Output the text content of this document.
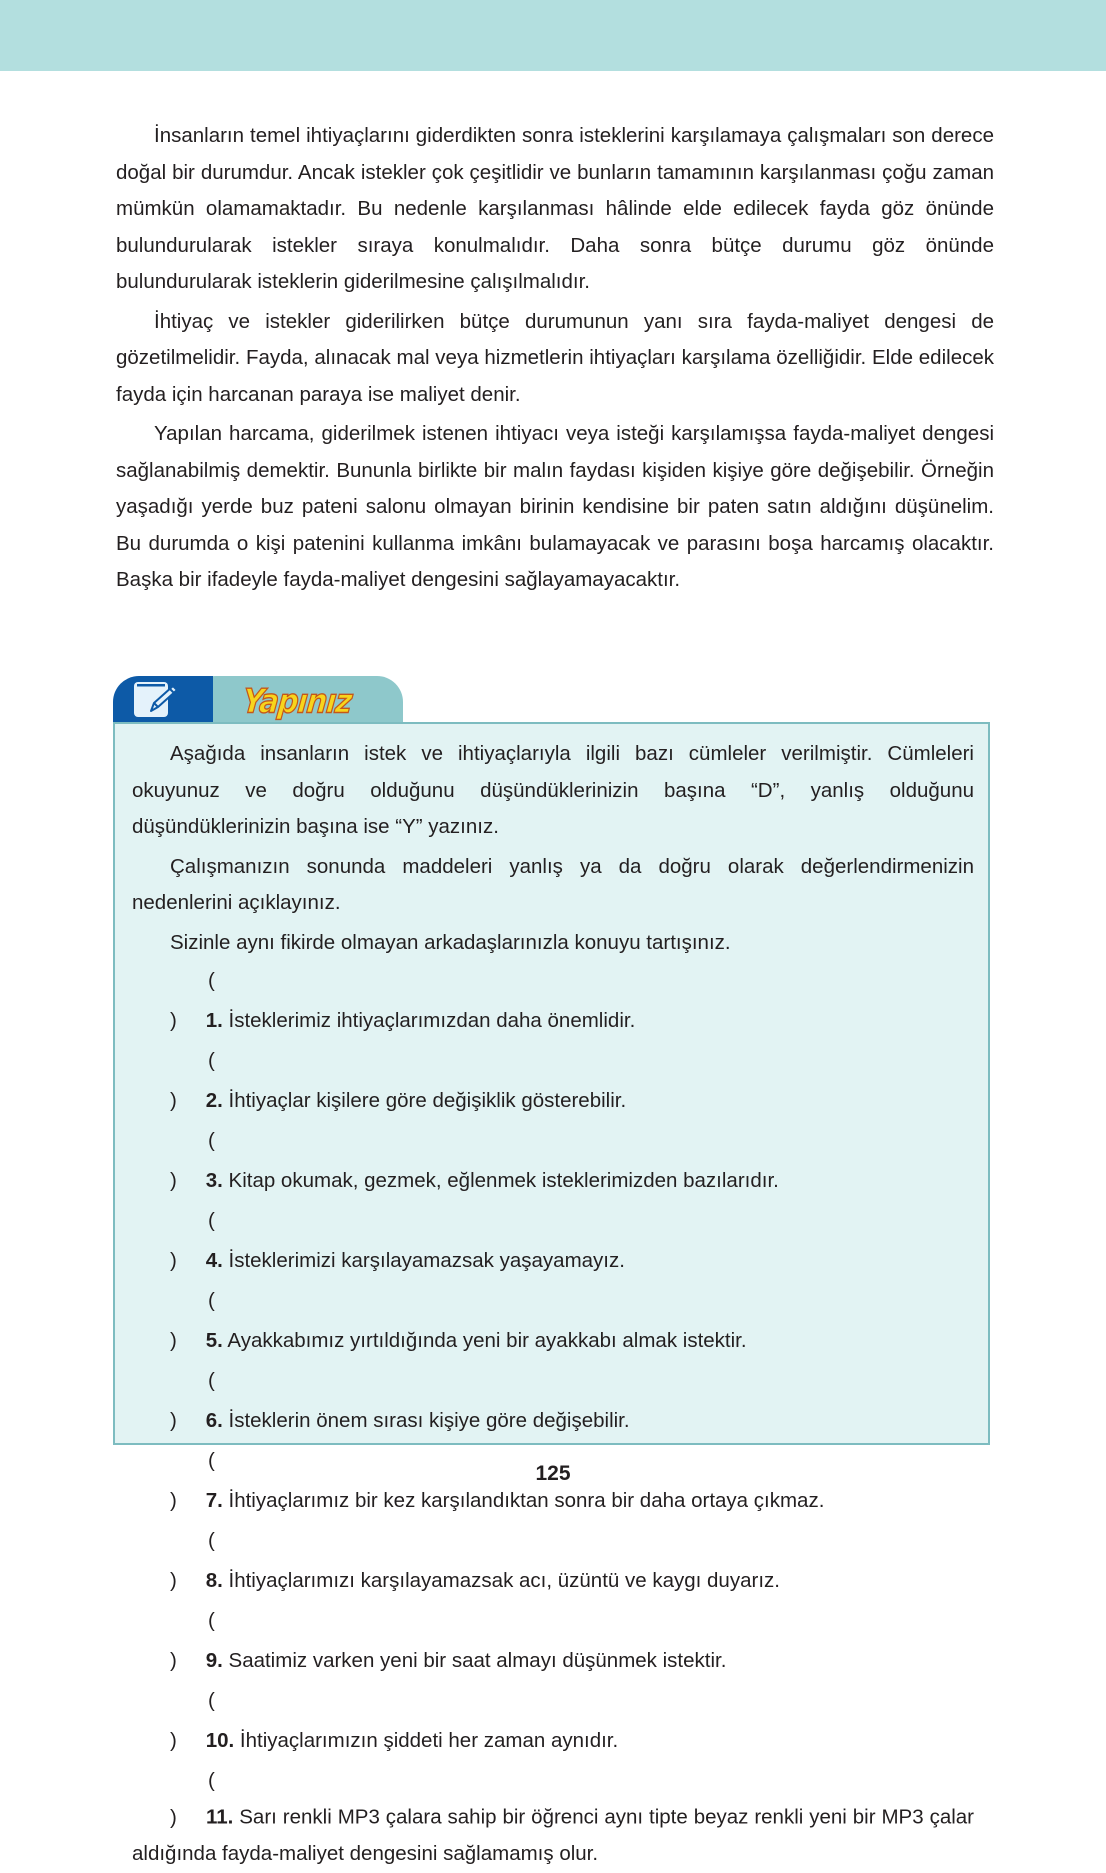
İnsanların temel ihtiyaçlarını giderdikten sonra isteklerini karşılamaya çalışmaları son derece doğal bir durumdur. Ancak istekler çok çeşitlidir ve bunların tamamının karşılanması çoğu zaman mümkün olamamaktadır. Bu nedenle karşılanması hâlinde elde edilecek fayda göz önünde bulundurularak istekler sıraya konulmalıdır. Daha sonra bütçe durumu göz önünde bulundurularak isteklerin giderilmesine çalışılmalıdır.

İhtiyaç ve istekler giderilirken bütçe durumunun yanı sıra fayda-maliyet dengesi de gözetilmelidir. Fayda, alınacak mal veya hizmetlerin ihtiyaçları karşılama özelliğidir. Elde edilecek fayda için harcanan paraya ise maliyet denir.

Yapılan harcama, giderilmek istenen ihtiyacı veya isteği karşılamışsa fayda-maliyet dengesi sağlanabilmiş demektir. Bununla birlikte bir malın faydası kişiden kişiye göre değişebilir. Örneğin yaşadığı yerde buz pateni salonu olmayan birinin kendisine bir paten satın aldığını düşünelim. Bu durumda o kişi patenini kullanma imkânı bulamayacak ve parasını boşa harcamış olacaktır. Başka bir ifadeyle fayda-maliyet dengesini sağlayamayacaktır.

Yapınız

Aşağıda insanların istek ve ihtiyaçlarıyla ilgili bazı cümleler verilmiştir. Cümleleri okuyunuz ve doğru olduğunu düşündüklerinizin başına “D”, yanlış olduğunu düşündüklerinizin başına ise “Y” yazınız.

Çalışmanızın sonunda maddeleri yanlış ya da doğru olarak değerlendirmenizin nedenlerini açıklayınız.

Sizinle aynı fikirde olmayan arkadaşlarınızla konuyu tartışınız.

( ) 1. İsteklerimiz ihtiyaçlarımızdan daha önemlidir.
( ) 2. İhtiyaçlar kişilere göre değişiklik gösterebilir.
( ) 3. Kitap okumak, gezmek, eğlenmek isteklerimizden bazılarıdır.
( ) 4. İsteklerimizi karşılayamazsak yaşayamayız.
( ) 5. Ayakkabımız yırtıldığında yeni bir ayakkabı almak istektir.
( ) 6. İsteklerin önem sırası kişiye göre değişebilir.
( ) 7. İhtiyaçlarımız bir kez karşılandıktan sonra bir daha ortaya çıkmaz.
( ) 8. İhtiyaçlarımızı karşılayamazsak acı, üzüntü ve kaygı duyarız.
( ) 9. Saatimiz varken yeni bir saat almayı düşünmek istektir.
( ) 10. İhtiyaçlarımızın şiddeti her zaman aynıdır.
( ) 11. Sarı renkli MP3 çalara sahip bir öğrenci aynı tipte beyaz renkli yeni bir MP3 çalar aldığında fayda-maliyet dengesini sağlamamış olur.
125
